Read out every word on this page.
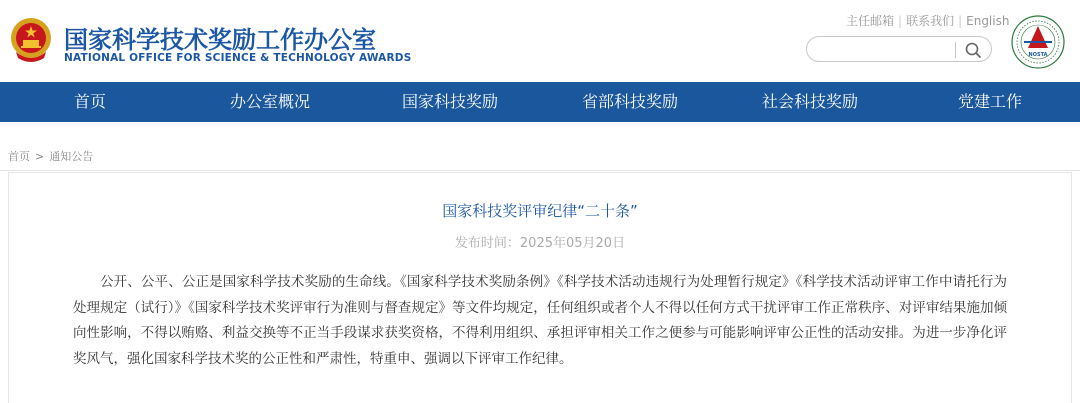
国家科学技术奖励工作办公室
NATIONAL OFFICE FOR SCIENCE & TECHNOLOGY AWARDS
主任邮箱 | 联系我们 | English
NOSTA
首页	办公室概况	国家科技奖励	省部科技奖励	社会科技奖励	党建工作
首页 > 通知公告
国家科技奖评审纪律“二十条”
发布时间：2025年05月20日

公开、公平、公正是国家科学技术奖励的生命线。《国家科学技术奖励条例》《科学技术活动违规行为处理暂行规定》《科学技术活动评审工作中请托行为处理规定（试行）》《国家科学技术奖评审行为准则与督查规定》等文件均规定，任何组织或者个人不得以任何方式干扰评审工作正常秩序、对评审结果施加倾向性影响，不得以贿赂、利益交换等不正当手段谋求获奖资格，不得利用组织、承担评审相关工作之便参与可能影响评审公正性的活动安排。为进一步净化评奖风气，强化国家科学技术奖的公正性和严肃性，特重申、强调以下评审工作纪律。
